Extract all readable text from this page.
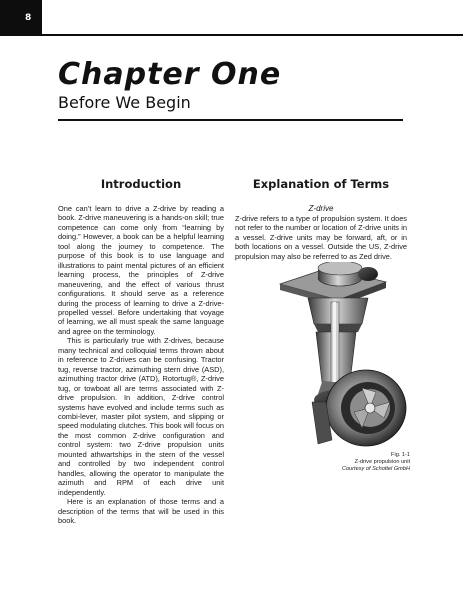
8
Chapter One
Before We Begin
Introduction

One can’t learn to drive a Z-drive by reading a book. Z-drive maneuvering is a hands-on skill; true competence can come only from “learning by doing.” However, a book can be a helpful learning tool along the journey to competence. The purpose of this book is to use language and illustrations to paint mental pictures of an efficient learning process, the principles of Z-drive maneuvering, and the effect of various thrust configurations. It should serve as a reference during the process of learning to drive a Z-drive-propelled vessel. Before undertaking that voyage of learning, we all must speak the same language and agree on the terminology.

This is particularly true with Z-drives, because many technical and colloquial terms thrown about in reference to Z-drives can be confusing. Tractor tug, reverse tractor, azimuthing stern drive (ASD), azimuthing tractor drive (ATD), Rotortug®, Z-drive tug, or towboat all are terms associated with Z-drive propulsion. In addition, Z-drive control systems have evolved and include terms such as combi-lever, master pilot system, and slipping or speed modulating clutches. This book will focus on the most common Z-drive configuration and control system: two Z-drive propulsion units mounted athwartships in the stern of the vessel and controlled by two independent control handles, allowing the operator to manipulate the azimuth and RPM of each drive unit independently.

Here is an explanation of those terms and a description of the terms that will be used in this book.

Explanation of Terms
Z-drive

Z-drive refers to a type of propulsion system. It does not refer to the number or location of Z-drive units in a vessel. Z-drive units may be forward, aft, or in both locations on a vessel. Outside the US, Z-drive propulsion may also be referred to as Zed drive.

Fig. 1-1
Z-drive propulsion unit
Courtesy of Schottel GmbH
